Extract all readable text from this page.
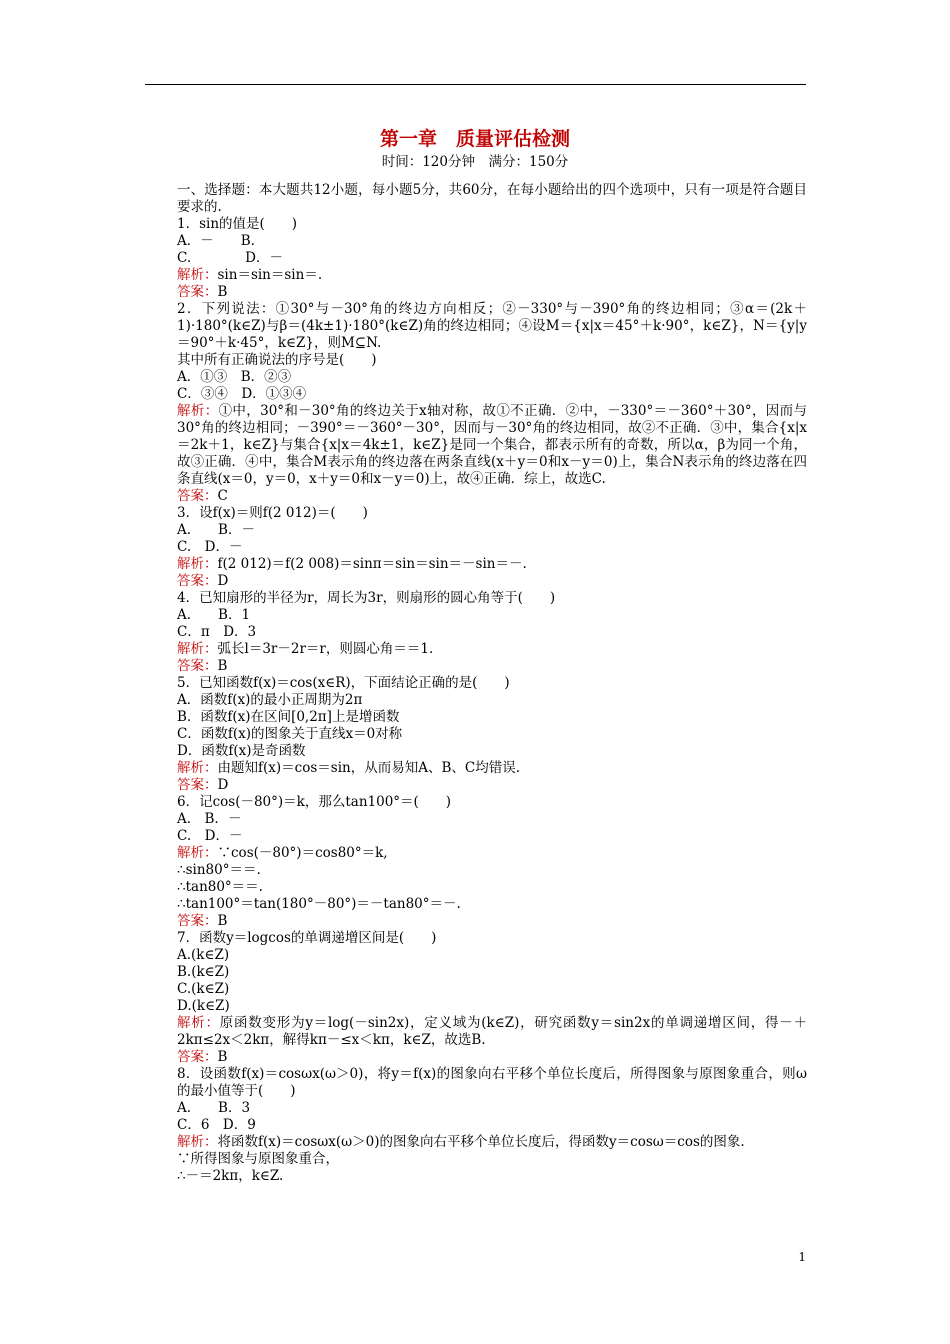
第一章　质量评估检测
时间：120分钟　满分：150分

一、选择题：本大题共12小题，每小题5分，共60分，在每小题给出的四个选项中，只有一项是符合题目要求的.

1．sin的值是(　　)

A．－　　B.

C.　　　　D．－

解析：sin＝sin＝sin＝.

答案：B

2．下列说法：①30°与－30°角的终边方向相反；②－330°与－390°角的终边相同；③α＝(2k＋1)·180°(k∈Z)与β＝(4k±1)·180°(k∈Z)角的终边相同；④设M＝{x|x＝45°＋k·90°，k∈Z}，N＝{y|y＝90°＋k·45°，k∈Z}，则M⊆N.

其中所有正确说法的序号是(　　)

A．①③　B．②③

C．③④　D．①③④

解析：①中，30°和－30°角的终边关于x轴对称，故①不正确．②中，－330°＝－360°＋30°，因而与30°角的终边相同；－390°＝－360°－30°，因而与－30°角的终边相同，故②不正确．③中，集合{x|x＝2k＋1，k∈Z}与集合{x|x＝4k±1，k∈Z}是同一个集合，都表示所有的奇数，所以α，β为同一个角，故③正确．④中，集合M表示角的终边落在两条直线(x＋y＝0和x－y＝0)上，集合N表示角的终边落在四条直线(x＝0，y＝0，x＋y＝0和x－y＝0)上，故④正确．综上，故选C.

答案：C

3．设f(x)＝则f(2 012)＝(　　)

A.　　B．－

C.　D．－

解析：f(2 012)＝f(2 008)＝sinπ＝sin＝sin＝－sin＝－.

答案：D

4．已知扇形的半径为r，周长为3r，则扇形的圆心角等于(　　)

A.　　B．1

C．π　D．3

解析：弧长l＝3r－2r＝r，则圆心角＝＝1.

答案：B

5．已知函数f(x)＝cos(x∈R)，下面结论正确的是(　　)

A．函数f(x)的最小正周期为2π

B．函数f(x)在区间[0,2π]上是增函数

C．函数f(x)的图象关于直线x＝0对称

D．函数f(x)是奇函数

解析：由题知f(x)＝cos＝sin，从而易知A、B、C均错误.

答案：D

6．记cos(－80°)＝k，那么tan100°＝(　　)

A.　B．－

C.　D．－

解析：∵cos(－80°)＝cos80°＝k,

∴sin80°＝＝.

∴tan80°＝＝.

∴tan100°＝tan(180°－80°)＝－tan80°＝－.

答案：B

7．函数y＝logcos的单调递增区间是(　　)

A.(k∈Z)

B.(k∈Z)

C.(k∈Z)

D.(k∈Z)

解析：原函数变形为y＝log(－sin2x)，定义域为(k∈Z)，研究函数y＝sin2x的单调递增区间，得－＋2kπ≤2x＜2kπ，解得kπ－≤x＜kπ，k∈Z，故选B.

答案：B

8．设函数f(x)＝cosωx(ω＞0)，将y＝f(x)的图象向右平移个单位长度后，所得图象与原图象重合，则ω的最小值等于(　　)

A.　　B．3

C．6　D．9

解析：将函数f(x)＝cosωx(ω＞0)的图象向右平移个单位长度后，得函数y＝cosω＝cos的图象.

∵所得图象与原图象重合，

∴－＝2kπ，k∈Z.

1
